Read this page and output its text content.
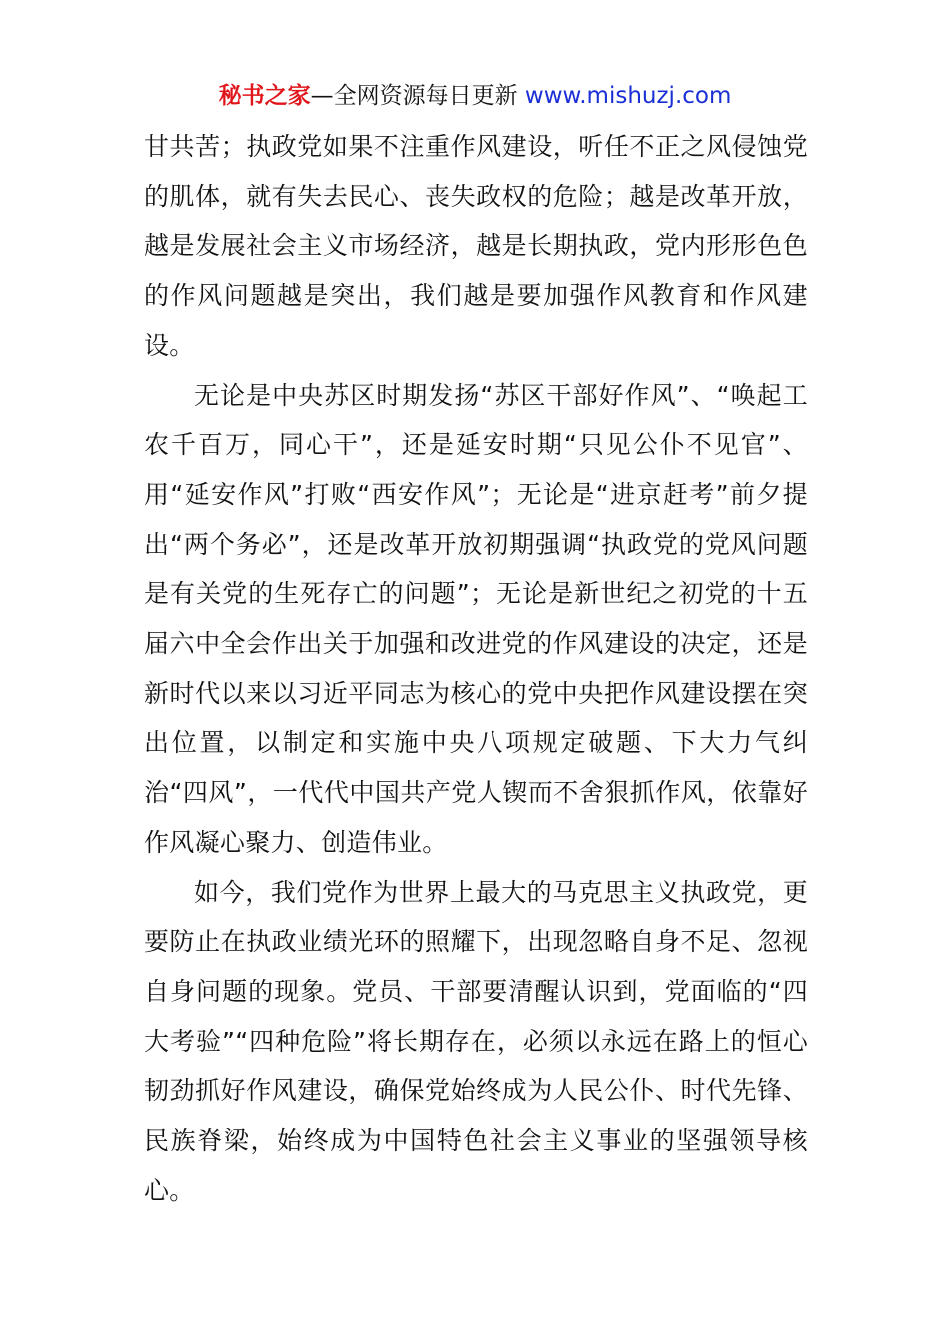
秘书之家—全网资源每日更新 www.mishuzj.com

甘共苦；执政党如果不注重作风建设，听任不正之风侵蚀党的肌体，就有失去民心、丧失政权的危险；越是改革开放，越是发展社会主义市场经济，越是长期执政，党内形形色色的作风问题越是突出，我们越是要加强作风教育和作风建设。

无论是中央苏区时期发扬“苏区干部好作风”、“唤起工农千百万，同心干”，还是延安时期“只见公仆不见官”、用“延安作风”打败“西安作风”；无论是“进京赶考”前夕提出“两个务必”，还是改革开放初期强调“执政党的党风问题是有关党的生死存亡的问题”；无论是新世纪之初党的十五届六中全会作出关于加强和改进党的作风建设的决定，还是新时代以来以习近平同志为核心的党中央把作风建设摆在突出位置，以制定和实施中央八项规定破题、下大力气纠治“四风”，一代代中国共产党人锲而不舍狠抓作风，依靠好作风凝心聚力、创造伟业。

如今，我们党作为世界上最大的马克思主义执政党，更要防止在执政业绩光环的照耀下，出现忽略自身不足、忽视自身问题的现象。党员、干部要清醒认识到，党面临的“四大考验”“四种危险”将长期存在，必须以永远在路上的恒心韧劲抓好作风建设，确保党始终成为人民公仆、时代先锋、民族脊梁，始终成为中国特色社会主义事业的坚强领导核心。
